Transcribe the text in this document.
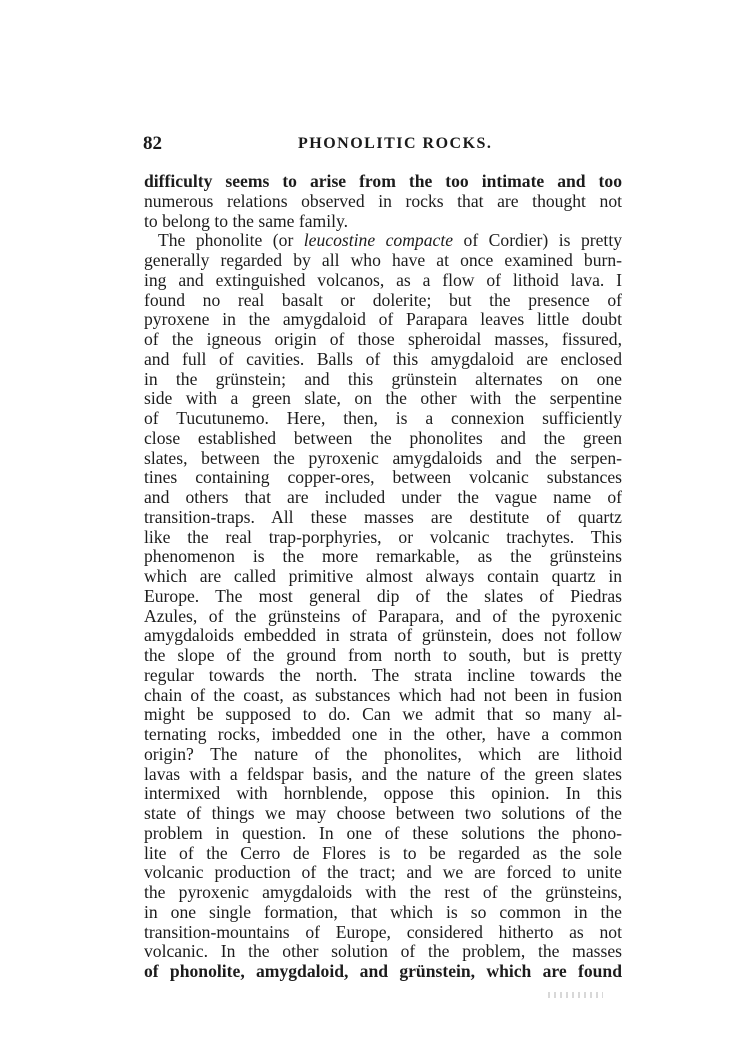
82	PHONOLITIC ROCKS.
difficulty seems to arise from the too intimate and too
numerous relations observed in rocks that are thought not
to belong to the same family.
The phonolite (or leucostine compacte of Cordier) is pretty
generally regarded by all who have at once examined burn-
ing and extinguished volcanos, as a flow of lithoid lava. I
found no real basalt or dolerite; but the presence of
pyroxene in the amygdaloid of Parapara leaves little doubt
of the igneous origin of those spheroidal masses, fissured,
and full of cavities. Balls of this amygdaloid are enclosed
in the grünstein; and this grünstein alternates on one
side with a green slate, on the other with the serpentine
of Tucutunemo. Here, then, is a connexion sufficiently
close established between the phonolites and the green
slates, between the pyroxenic amygdaloids and the serpen-
tines containing copper-ores, between volcanic substances
and others that are included under the vague name of
transition-traps. All these masses are destitute of quartz
like the real trap-porphyries, or volcanic trachytes. This
phenomenon is the more remarkable, as the grünsteins
which are called primitive almost always contain quartz in
Europe. The most general dip of the slates of Piedras
Azules, of the grünsteins of Parapara, and of the pyroxenic
amygdaloids embedded in strata of grünstein, does not follow
the slope of the ground from north to south, but is pretty
regular towards the north. The strata incline towards the
chain of the coast, as substances which had not been in fusion
might be supposed to do. Can we admit that so many al-
ternating rocks, imbedded one in the other, have a common
origin? The nature of the phonolites, which are lithoid
lavas with a feldspar basis, and the nature of the green slates
intermixed with hornblende, oppose this opinion. In this
state of things we may choose between two solutions of the
problem in question. In one of these solutions the phono-
lite of the Cerro de Flores is to be regarded as the sole
volcanic production of the tract; and we are forced to unite
the pyroxenic amygdaloids with the rest of the grünsteins,
in one single formation, that which is so common in the
transition-mountains of Europe, considered hitherto as not
volcanic. In the other solution of the problem, the masses
of phonolite, amygdaloid, and grünstein, which are found
